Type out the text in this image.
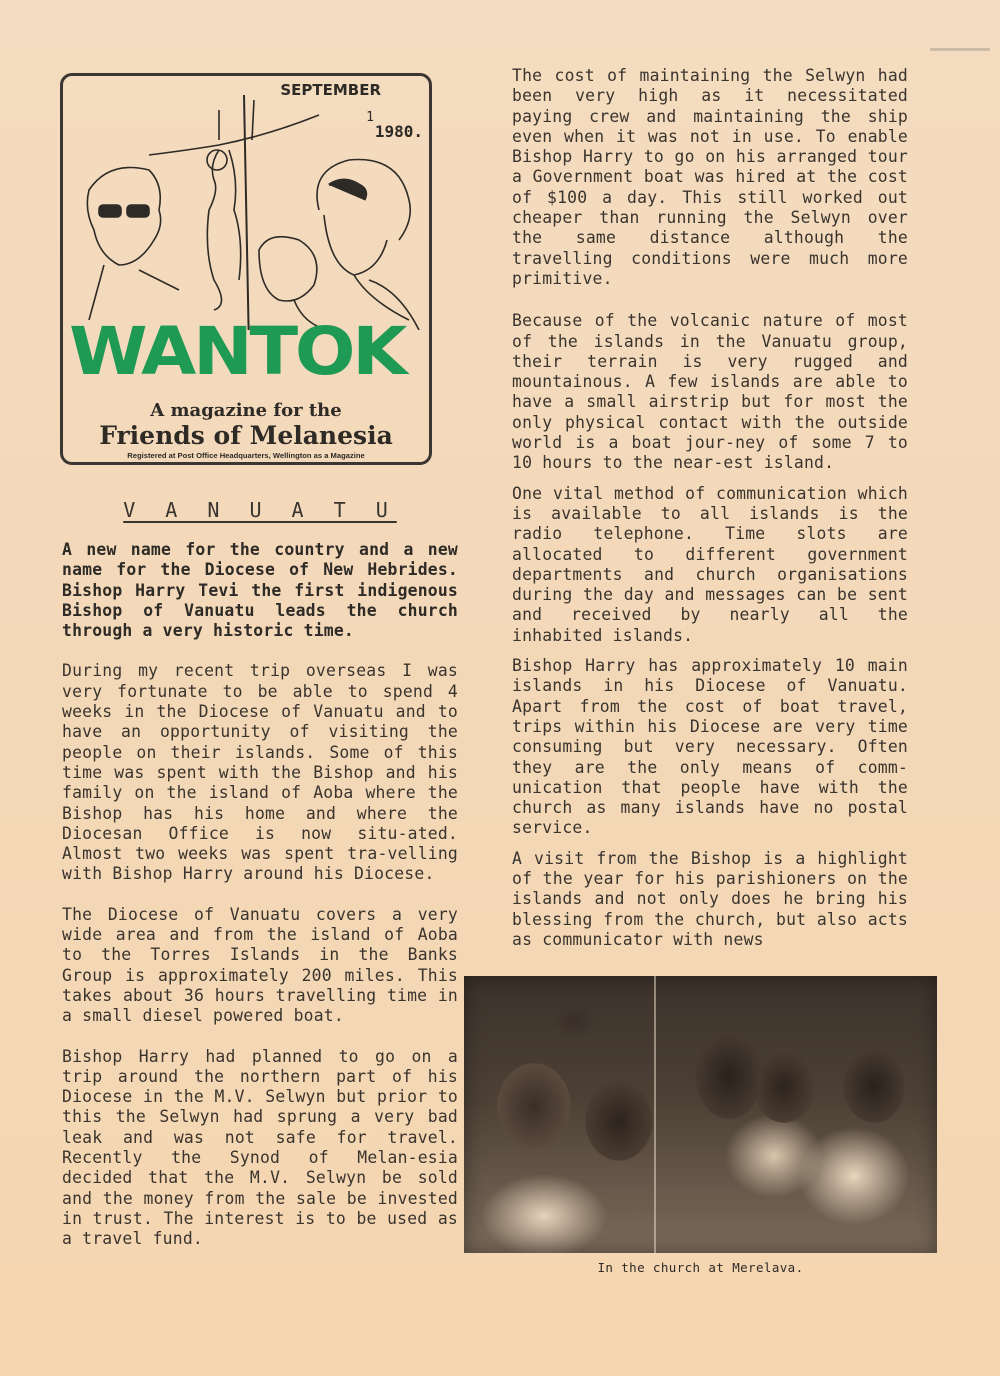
SEPTEMBER
1
1980.
WANTOK
A magazine for the
Friends of Melanesia
Registered at Post Office Headquarters, Wellington as a Magazine
V A N U A T U

A new name for the country and a new name for the Diocese of New Hebrides. Bishop Harry Tevi the first indigenous Bishop of Vanuatu leads the church through a very historic time.

During my recent trip overseas I was very fortunate to be able to spend 4 weeks in the Diocese of Vanuatu and to have an opportunity of visiting the people on their islands. Some of this time was spent with the Bishop and his family on the island of Aoba where the Bishop has his home and where the Diocesan Office is now situ-ated. Almost two weeks was spent tra-velling with Bishop Harry around his Diocese.

The Diocese of Vanuatu covers a very wide area and from the island of Aoba to the Torres Islands in the Banks Group is approximately 200 miles. This takes about 36 hours travelling time in a small diesel powered boat.

Bishop Harry had planned to go on a trip around the northern part of his Diocese in the M.V. Selwyn but prior to this the Selwyn had sprung a very bad leak and was not safe for travel. Recently the Synod of Melan-esia decided that the M.V. Selwyn be sold and the money from the sale be invested in trust. The interest is to be used as a travel fund.

The cost of maintaining the Selwyn had been very high as it necessitated paying crew and maintaining the ship even when it was not in use. To enable Bishop Harry to go on his arranged tour a Government boat was hired at the cost of $100 a day. This still worked out cheaper than running the Selwyn over the same distance although the travelling conditions were much more primitive.

Because of the volcanic nature of most of the islands in the Vanuatu group, their terrain is very rugged and mountainous. A few islands are able to have a small airstrip but for most the only physical contact with the outside world is a boat jour-ney of some 7 to 10 hours to the near-est island.

One vital method of communication which is available to all islands is the radio telephone. Time slots are allocated to different government departments and church organisations during the day and messages can be sent and received by nearly all the inhabited islands.

Bishop Harry has approximately 10 main islands in his Diocese of Vanuatu. Apart from the cost of boat travel, trips within his Diocese are very time consuming but very necessary. Often they are the only means of comm-unication that people have with the church as many islands have no postal service.

A visit from the Bishop is a highlight of the year for his parishioners on the islands and not only does he bring his blessing from the church, but also acts as communicator with news

In the church at Merelava.
